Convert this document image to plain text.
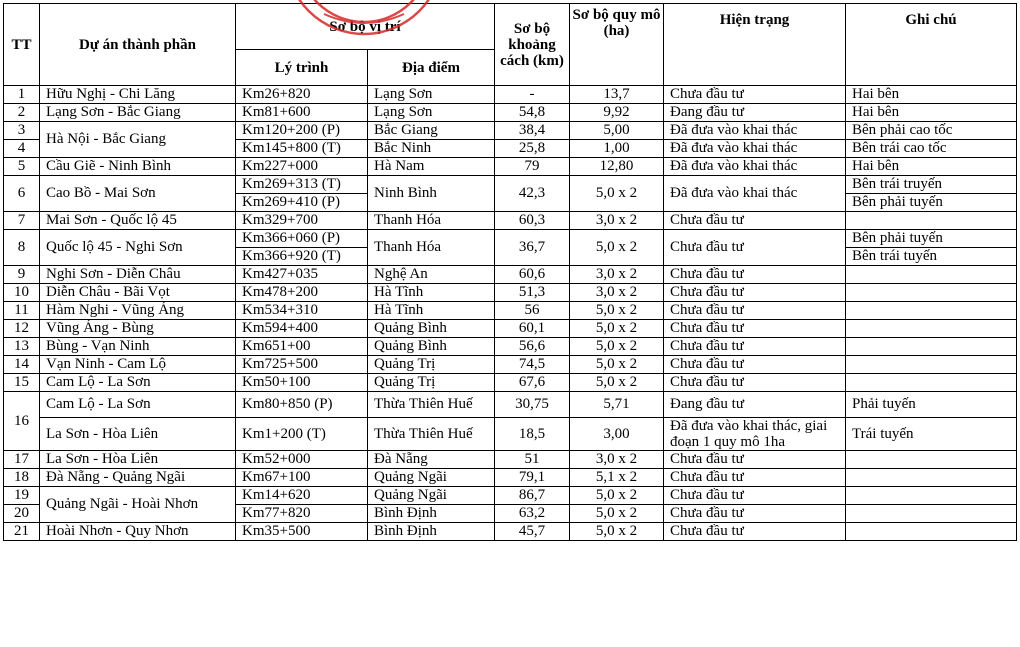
TT	Dự án thành phần	Sơ bộ vị trí		Sơ bộ khoảng cách (km)	Sơ bộ quy mô (ha)	Hiện trạng	Ghi chú
		Lý trình	Địa điểm				
1	Hữu Nghị - Chi Lăng	Km26+820	Lạng Sơn	-	13,7	Chưa đầu tư	Hai bên
2	Lạng Sơn - Bắc Giang	Km81+600	Lạng Sơn	54,8	9,92	Đang đầu tư	Hai bên
3	Hà Nội - Bắc Giang	Km120+200 (P)	Bắc Giang	38,4	5,00	Đã đưa vào khai thác	Bên phải cao tốc
4		Km145+800 (T)	Bắc Ninh	25,8	1,00	Đã đưa vào khai thác	Bên trái cao tốc
5	Cầu Giẽ - Ninh Bình	Km227+000	Hà Nam	79	12,80	Đã đưa vào khai thác	Hai bên
6	Cao Bồ - Mai Sơn	Km269+313 (T)	Ninh Bình	42,3	5,0 x 2	Đã đưa vào khai thác	Bên trái truyến
		Km269+410 (P)					Bên phải tuyến
7	Mai Sơn - Quốc lộ 45	Km329+700	Thanh Hóa	60,3	3,0 x 2	Chưa đầu tư	
8	Quốc lộ 45 - Nghi Sơn	Km366+060 (P)	Thanh Hóa	36,7	5,0 x 2	Chưa đầu tư	Bên phải tuyến
		Km366+920 (T)					Bên trái tuyến
9	Nghi Sơn - Diễn Châu	Km427+035	Nghệ An	60,6	3,0 x 2	Chưa đầu tư	
10	Diễn Châu - Bãi Vọt	Km478+200	Hà Tĩnh	51,3	3,0 x 2	Chưa đầu tư	
11	Hàm Nghi - Vũng Áng	Km534+310	Hà Tĩnh	56	5,0 x 2	Chưa đầu tư	
12	Vũng Áng - Bùng	Km594+400	Quảng Bình	60,1	5,0 x 2	Chưa đầu tư	
13	Bùng - Vạn Ninh	Km651+00	Quảng Bình	56,6	5,0 x 2	Chưa đầu tư	
14	Vạn Ninh - Cam Lộ	Km725+500	Quảng Trị	74,5	5,0 x 2	Chưa đầu tư	
15	Cam Lộ - La Sơn	Km50+100	Quảng Trị	67,6	5,0 x 2	Chưa đầu tư	
16	Cam Lộ - La Sơn	Km80+850 (P)	Thừa Thiên Huế	30,75	5,71	Đang đầu tư	Phải tuyến
	La Sơn - Hòa Liên	Km1+200 (T)	Thừa Thiên Huế	18,5	3,00	Đã đưa vào khai thác, giai đoạn 1 quy mô 1ha	Trái tuyến
17	La Sơn - Hòa Liên	Km52+000	Đà Nẵng	51	3,0 x 2	Chưa đầu tư	
18	Đà Nẵng - Quảng Ngãi	Km67+100	Quảng Ngãi	79,1	5,1 x 2	Chưa đầu tư	
19	Quảng Ngãi - Hoài Nhơn	Km14+620	Quảng Ngãi	86,7	5,0 x 2	Chưa đầu tư	
20		Km77+820	Bình Định	63,2	5,0 x 2	Chưa đầu tư	
21	Hoài Nhơn - Quy Nhơn	Km35+500	Bình Định	45,7	5,0 x 2	Chưa đầu tư	
